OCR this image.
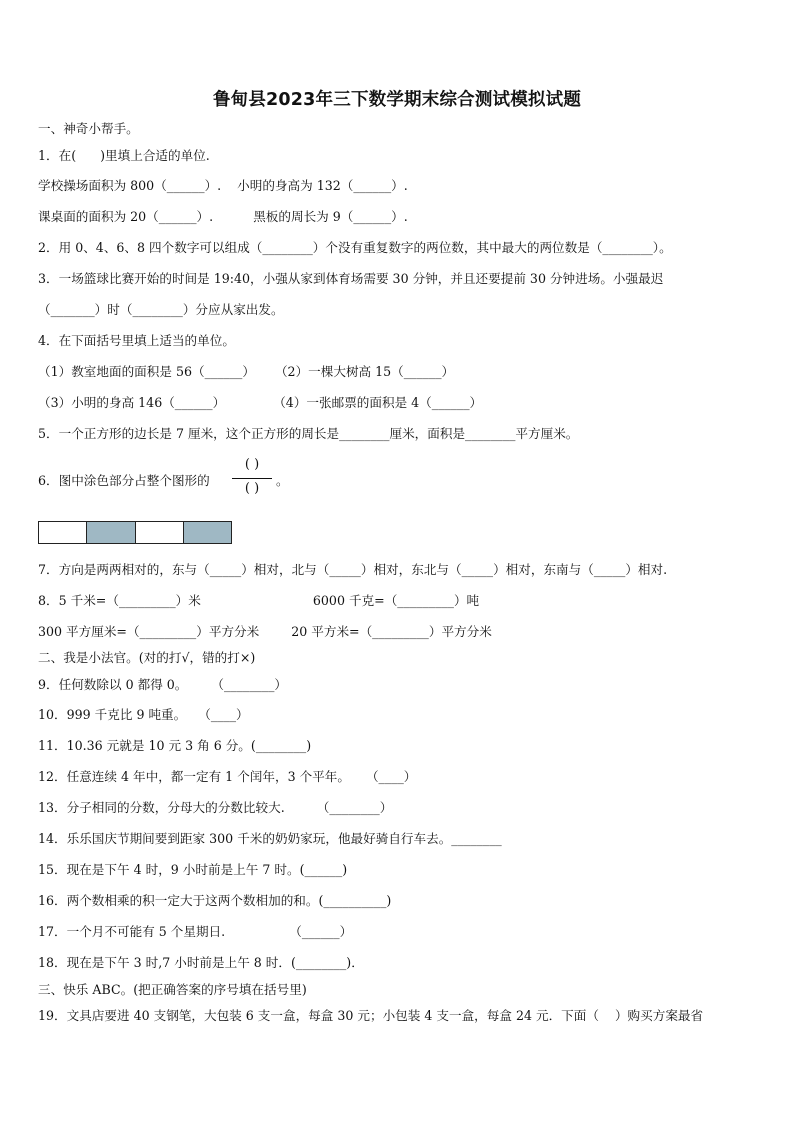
鲁甸县2023年三下数学期末综合测试模拟试题
一、神奇小帮手。
1．在(      )里填上合适的单位.
学校操场面积为 800（______）.    小明的身高为 132（______）.
课桌面的面积为 20（______）.          黑板的周长为 9（______）.
2．用 0、4、6、8 四个数字可以组成（________）个没有重复数字的两位数，其中最大的两位数是（________）。
3．一场篮球比赛开始的时间是 19:40，小强从家到体育场需要 30 分钟，并且还要提前 30 分钟进场。小强最迟
（_______）时（________）分应从家出发。
4．在下面括号里填上适当的单位。
（1）教室地面的面积是 56（______）     （2）一棵大树高 15（______）
（3）小明的身高 146（______）            （4）一张邮票的面积是 4（______）
5．一个正方形的边长是 7 厘米，这个正方形的周长是________厘米，面积是________平方厘米。
6．图中涂色部分占整个图形的	。
7．方向是两两相对的，东与（_____）相对，北与（_____）相对，东北与（_____）相对，东南与（_____）相对.
8．5 千米=（_________）米                            6000 千克=（_________）吨
300 平方厘米=（_________）平方分米        20 平方米=（_________）平方分米
二、我是小法官。(对的打√，错的打×)
9．任何数除以 0 都得 0。      （________）
10．999 千克比 9 吨重。   （____）
11．10.36 元就是 10 元 3 角 6 分。(________)
12．任意连续 4 年中，都一定有 1 个闰年，3 个平年。    （____）
13．分子相同的分数，分母大的分数比较大.        （________）
14．乐乐国庆节期间要到距家 300 千米的奶奶家玩，他最好骑自行车去。________
15．现在是下午 4 时，9 小时前是上午 7 时。(______)
16．两个数相乘的积一定大于这两个数相加的和。(__________)
17．一个月不可能有 5 个星期日.                （______）
18．现在是下午 3 时,7 小时前是上午 8 时．(________)．
三、快乐 ABC。(把正确答案的序号填在括号里)
19．文具店要进 40 支钢笔，大包装 6 支一盒，每盒 30 元；小包装 4 支一盒，每盒 24 元．下面（    ）购买方案最省
( )
( )
